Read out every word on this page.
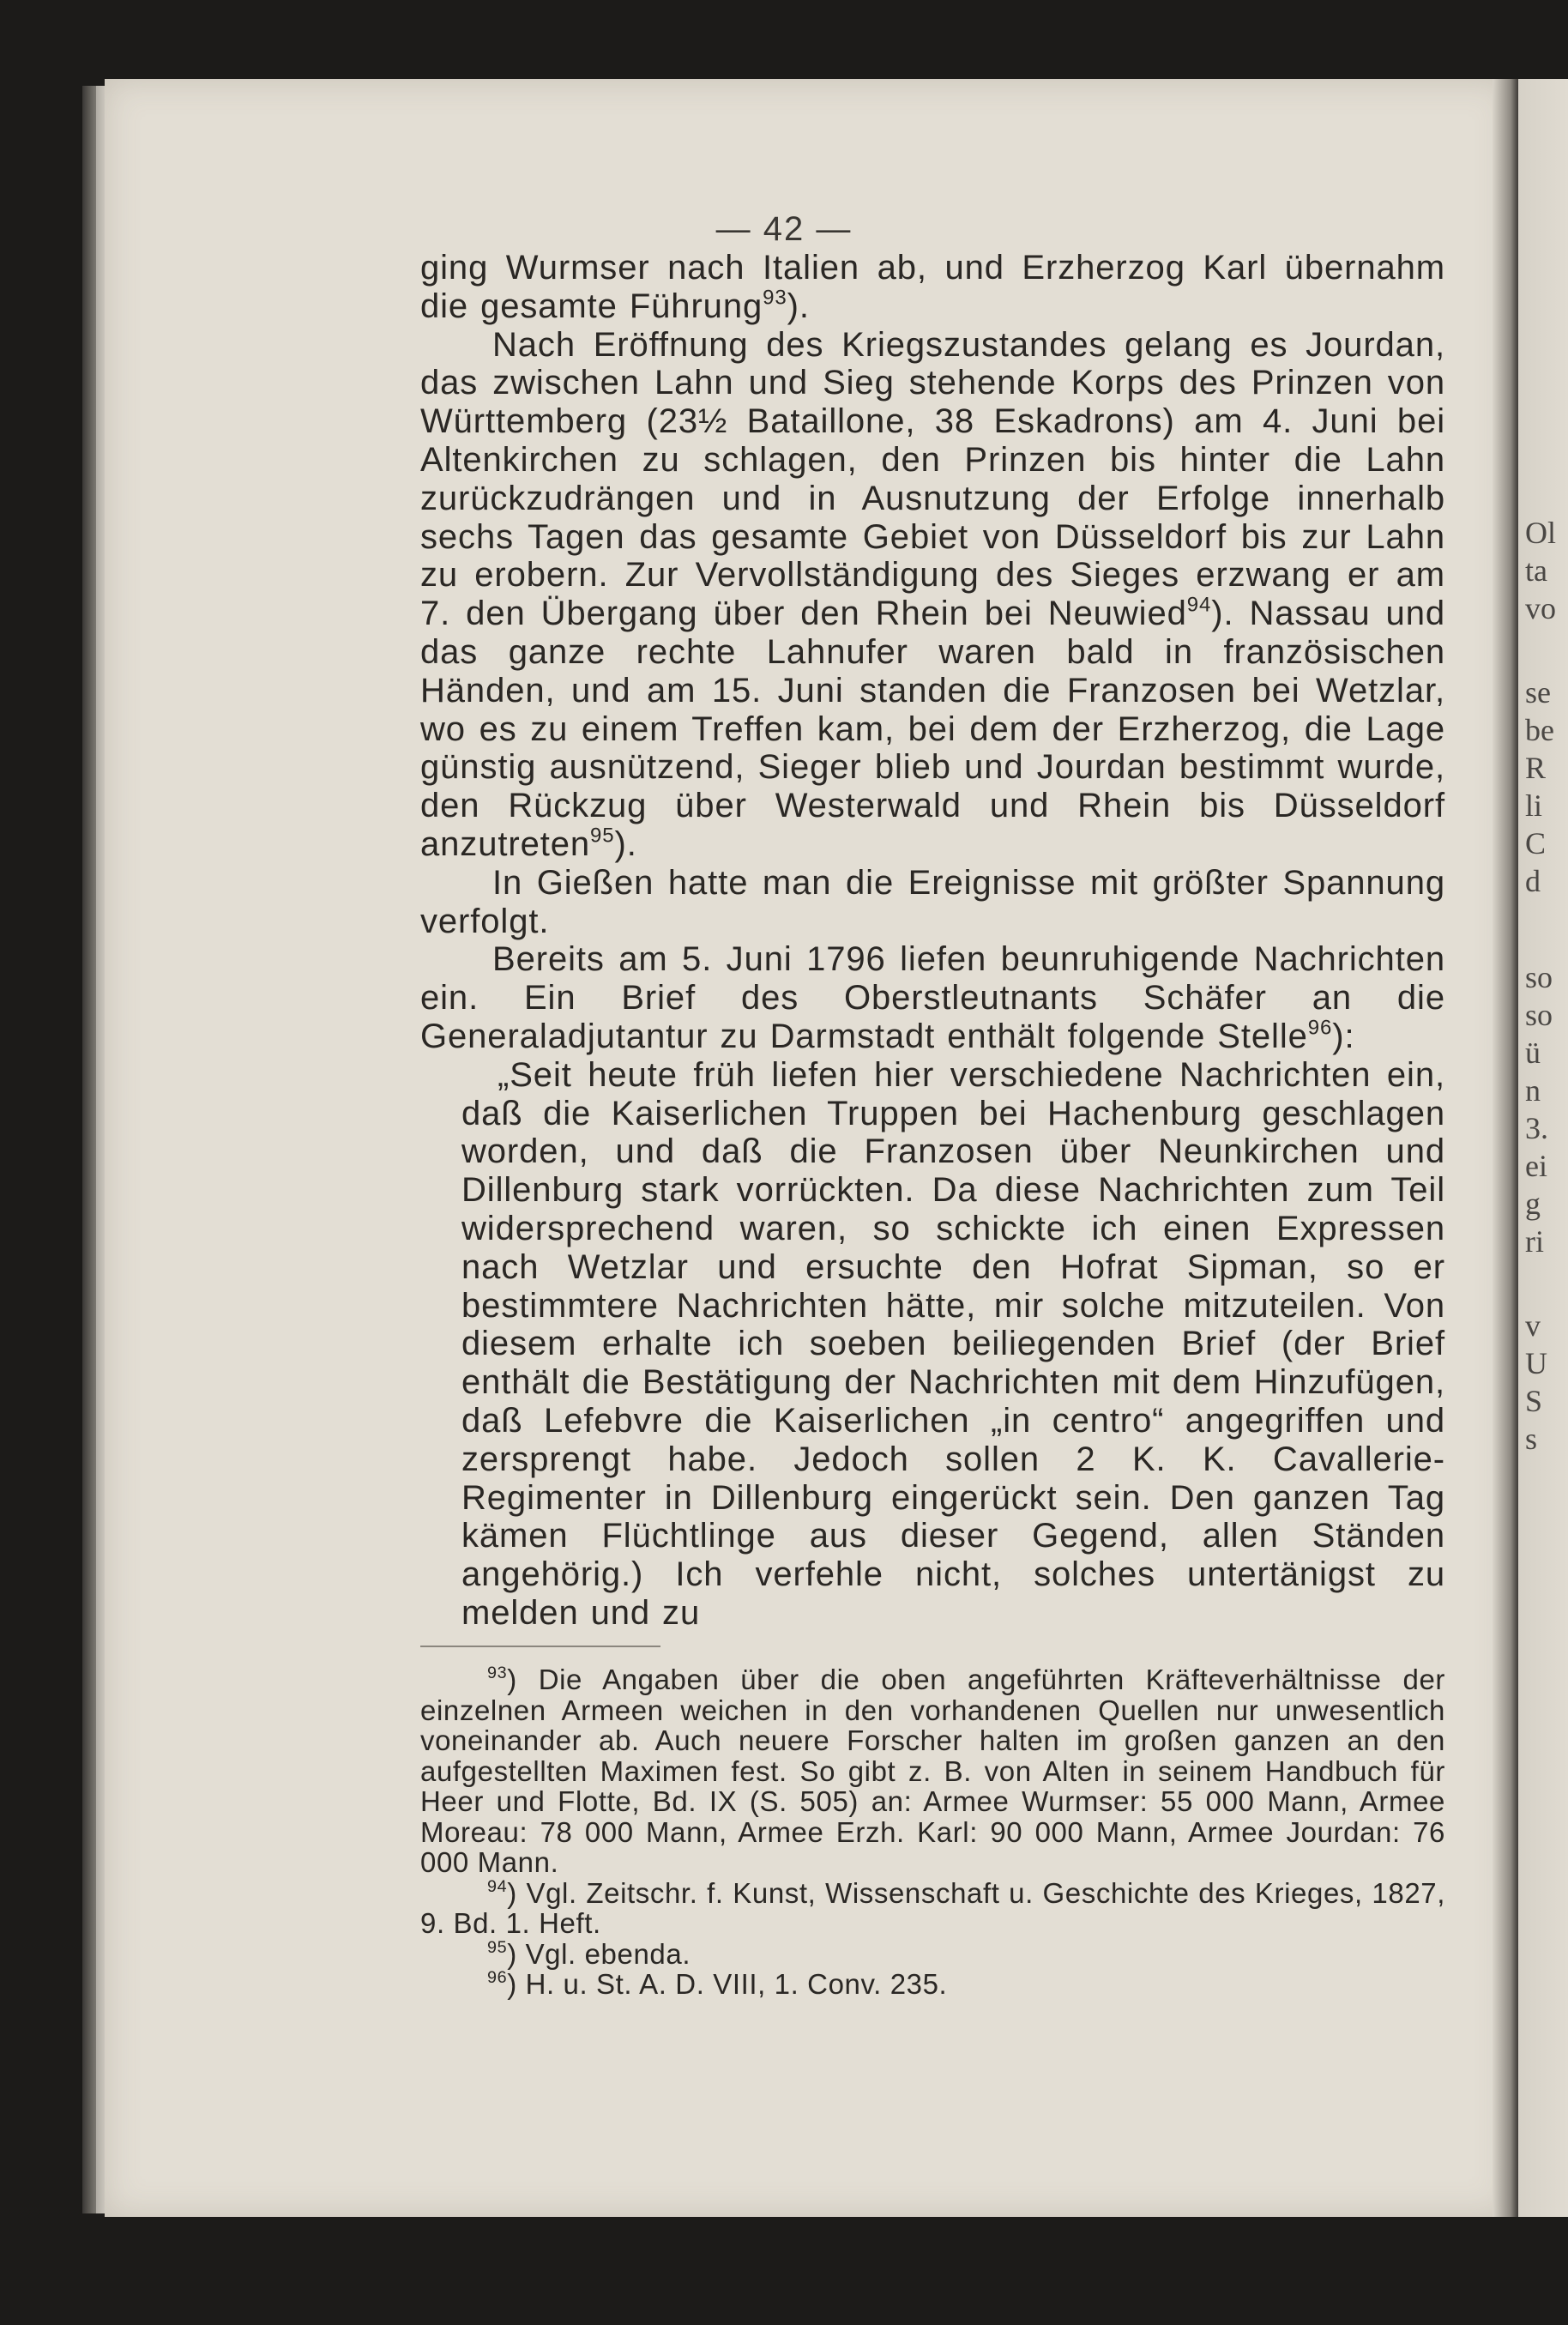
Ol
ta
vo
se
be
R
li
C
d
so
so
ü
n
3.
ei
g
ri
v
U
S
s
— 42 —

ging Wurmser nach Italien ab, und Erzherzog Karl übernahm die gesamte Führung$^{93}$).

Nach Eröffnung des Kriegszustandes gelang es Jourdan, das zwischen Lahn und Sieg stehende Korps des Prinzen von Württemberg (23½ Bataillone, 38 Eskadrons) am 4. Juni bei Altenkirchen zu schlagen, den Prinzen bis hinter die Lahn zurückzudrängen und in Ausnutzung der Erfolge innerhalb sechs Tagen das gesamte Gebiet von Düsseldorf bis zur Lahn zu erobern. Zur Vervollständigung des Sieges erzwang er am 7. den Übergang über den Rhein bei Neuwied$^{94}$). Nassau und das ganze rechte Lahnufer waren bald in französischen Händen, und am 15. Juni standen die Franzosen bei Wetzlar, wo es zu einem Treffen kam, bei dem der Erzherzog, die Lage günstig ausnützend, Sieger blieb und Jourdan bestimmt wurde, den Rückzug über Westerwald und Rhein bis Düsseldorf anzutreten$^{95}$).

In Gießen hatte man die Ereignisse mit größter Spannung verfolgt.

Bereits am 5. Juni 1796 liefen beunruhigende Nachrichten ein. Ein Brief des Oberstleutnants Schäfer an die Generaladjutantur zu Darmstadt enthält folgende Stelle$^{96}$):

„Seit heute früh liefen hier verschiedene Nachrichten ein, daß die Kaiserlichen Truppen bei Hachenburg geschlagen worden, und daß die Franzosen über Neunkirchen und Dillenburg stark vorrückten. Da diese Nachrichten zum Teil widersprechend waren, so schickte ich einen Expressen nach Wetzlar und ersuchte den Hofrat Sipman, so er bestimmtere Nachrichten hätte, mir solche mitzuteilen. Von diesem erhalte ich soeben beiliegenden Brief (der Brief enthält die Bestätigung der Nachrichten mit dem Hinzufügen, daß Lefebvre die Kaiserlichen „in centro“ angegriffen und zersprengt habe. Jedoch sollen 2 K. K. Cavallerie-Regimenter in Dillenburg eingerückt sein. Den ganzen Tag kämen Flüchtlinge aus dieser Gegend, allen Ständen angehörig.) Ich verfehle nicht, solches untertänigst zu melden und zu

$^{93}$) Die Angaben über die oben angeführten Kräfteverhältnisse der einzelnen Armeen weichen in den vorhandenen Quellen nur unwesentlich voneinander ab. Auch neuere Forscher halten im großen ganzen an den aufgestellten Maximen fest. So gibt z. B. von Alten in seinem Handbuch für Heer und Flotte, Bd. IX (S. 505) an: Armee Wurmser: 55 000 Mann, Armee Moreau: 78 000 Mann, Armee Erzh. Karl: 90 000 Mann, Armee Jourdan: 76 000 Mann.

$^{94}$) Vgl. Zeitschr. f. Kunst, Wissenschaft u. Geschichte des Krieges, 1827, 9. Bd. 1. Heft.

$^{95}$) Vgl. ebenda.

$^{96}$) H. u. St. A. D. VIII, 1. Conv. 235.
